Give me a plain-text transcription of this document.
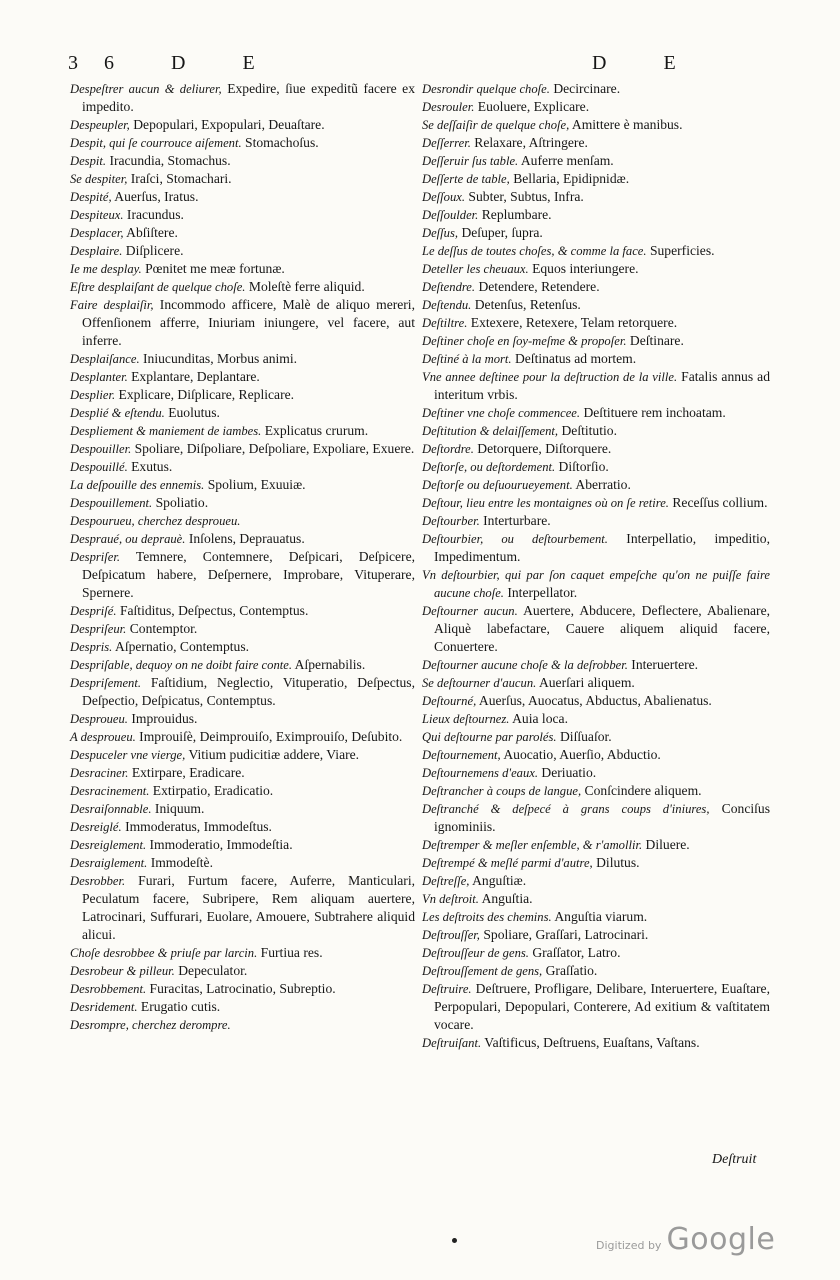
36 D E	D E

Despeſtrer aucun & deliurer, Expedire, ſiue expeditũ facere ex impedito.

Despeupler, Depopulari, Expopulari, Deuaſtare.

Despit, qui ſe courrouce aiſement. Stomachoſus.

Despit. Iracundia, Stomachus.

Se despiter, Iraſci, Stomachari.

Despité, Auerſus, Iratus.

Despiteux. Iracundus.

Desplacer, Abſiſtere.

Desplaire. Diſplicere.

Ie me desplay. Pœnitet me meæ fortunæ.

Eſtre desplaiſant de quelque choſe. Moleſtè ferre aliquid.

Faire desplaiſir, Incommodo afficere, Malè de aliquo mereri, Offenſionem afferre, Iniuriam iniungere, vel facere, aut inferre.

Desplaiſance. Iniucunditas, Morbus animi.

Desplanter. Explantare, Deplantare.

Desplier. Explicare, Diſplicare, Replicare.

Desplié & eſtendu. Euolutus.

Despliement & maniement de iambes. Explicatus crurum.

Despouiller. Spoliare, Diſpoliare, Deſpoliare, Expoliare, Exuere.

Despouillé. Exutus.

La deſpouille des ennemis. Spolium, Exuuiæ.

Despouillement. Spoliatio.

Despourueu, cherchez desproueu.

Despraué, ou deprauè. Inſolens, Deprauatus.

Despriſer. Temnere, Contemnere, Deſpicari, Deſpicere, Deſpicatum habere, Deſpernere, Improbare, Vituperare, Spernere.

Despriſé. Faſtiditus, Deſpectus, Contemptus.

Despriſeur. Contemptor.

Despris. Aſpernatio, Contemptus.

Despriſable, dequoy on ne doibt faire conte. Aſpernabilis.

Despriſement. Faſtidium, Neglectio, Vituperatio, Deſpectus, Deſpectio, Deſpicatus, Contemptus.

Desproueu. Improuidus.

A desproueu. Improuiſè, Deimprouiſo, Eximprouiſo, Deſubito.

Despuceler vne vierge, Vitium pudicitiæ addere, Viare.

Desraciner. Extirpare, Eradicare.

Desracinement. Extirpatio, Eradicatio.

Desraiſonnable. Iniquum.

Desreiglé. Immoderatus, Immodeſtus.

Desreiglement. Immoderatio, Immodeſtia.

Desraiglement. Immodeſtè.

Desrobber. Furari, Furtum facere, Auferre, Manticulari, Peculatum facere, Subripere, Rem aliquam auertere, Latrocinari, Suffurari, Euolare, Amouere, Subtrahere aliquid alicui.

Choſe desrobbee & priuſe par larcin. Furtiua res.

Desrobeur & pilleur. Depeculator.

Desrobbement. Furacitas, Latrocinatio, Subreptio.

Desridement. Erugatio cutis.

Desrompre, cherchez derompre.

Desrondir quelque choſe. Decircinare.

Desrouler. Euoluere, Explicare.

Se deſſaiſir de quelque choſe, Amittere è manibus.

Deſſerrer. Relaxare, Aſtringere.

Deſſeruir ſus table. Auferre menſam.

Deſſerte de table, Bellaria, Epidipnidæ.

Deſſoux. Subter, Subtus, Infra.

Deſſoulder. Replumbare.

Deſſus, Deſuper, ſupra.

Le deſſus de toutes choſes, & comme la face. Superficies.

Deteller les cheuaux. Equos interiungere.

Deſtendre. Detendere, Retendere.

Deſtendu. Detenſus, Retenſus.

Deſtiltre. Extexere, Retexere, Telam retorquere.

Deſtiner choſe en ſoy-meſme & propoſer. Deſtinare.

Deſtiné à la mort. Deſtinatus ad mortem.

Vne annee deſtinee pour la deſtruction de la ville. Fatalis annus ad interitum vrbis.

Deſtiner vne choſe commencee. Deſtituere rem inchoatam.

Deſtitution & delaiſſement, Deſtitutio.

Deſtordre. Detorquere, Diſtorquere.

Deſtorſe, ou deſtordement. Diſtorſio.

Deſtorſe ou deſuourueyement. Aberratio.

Deſtour, lieu entre les montaignes où on ſe retire. Receſſus collium.

Deſtourber. Interturbare.

Deſtourbier, ou deſtourbement. Interpellatio, impeditio, Impedimentum.

Vn deſtourbier, qui par ſon caquet empeſche qu'on ne puiſſe faire aucune choſe. Interpellator.

Deſtourner aucun. Auertere, Abducere, Deflectere, Abalienare, Aliquè labefactare, Cauere aliquem aliquid facere, Conuertere.

Deſtourner aucune choſe & la deſrobber. Interuertere.

Se deſtourner d'aucun. Auerſari aliquem.

Deſtourné, Auerſus, Auocatus, Abductus, Abalienatus.

Lieux deſtournez. Auia loca.

Qui deſtourne par parolés. Diſſuaſor.

Deſtournement, Auocatio, Auerſio, Abductio.

Deſtournemens d'eaux. Deriuatio.

Deſtrancher à coups de langue, Conſcindere aliquem.

Deſtranché & deſpecé à grans coups d'iniures, Conciſus ignominiis.

Deſtremper & meſler enſemble, & r'amollir. Diluere.

Deſtrempé & meſlé parmi d'autre, Dilutus.

Deſtreſſe, Anguſtiæ.

Vn deſtroit. Anguſtia.

Les deſtroits des chemins. Anguſtia viarum.

Deſtrouſſer, Spoliare, Graſſari, Latrocinari.

Deſtrouſſeur de gens. Graſſator, Latro.

Deſtrouſſement de gens, Graſſatio.

Deſtruire. Deſtruere, Profligare, Delibare, Interuertere, Euaſtare, Perpopulari, Depopulari, Conterere, Ad exitium & vaſtitatem vocare.

Deſtruiſant. Vaſtificus, Deſtruens, Euaſtans, Vaſtans.

Deſtruit
Digitized by Google
